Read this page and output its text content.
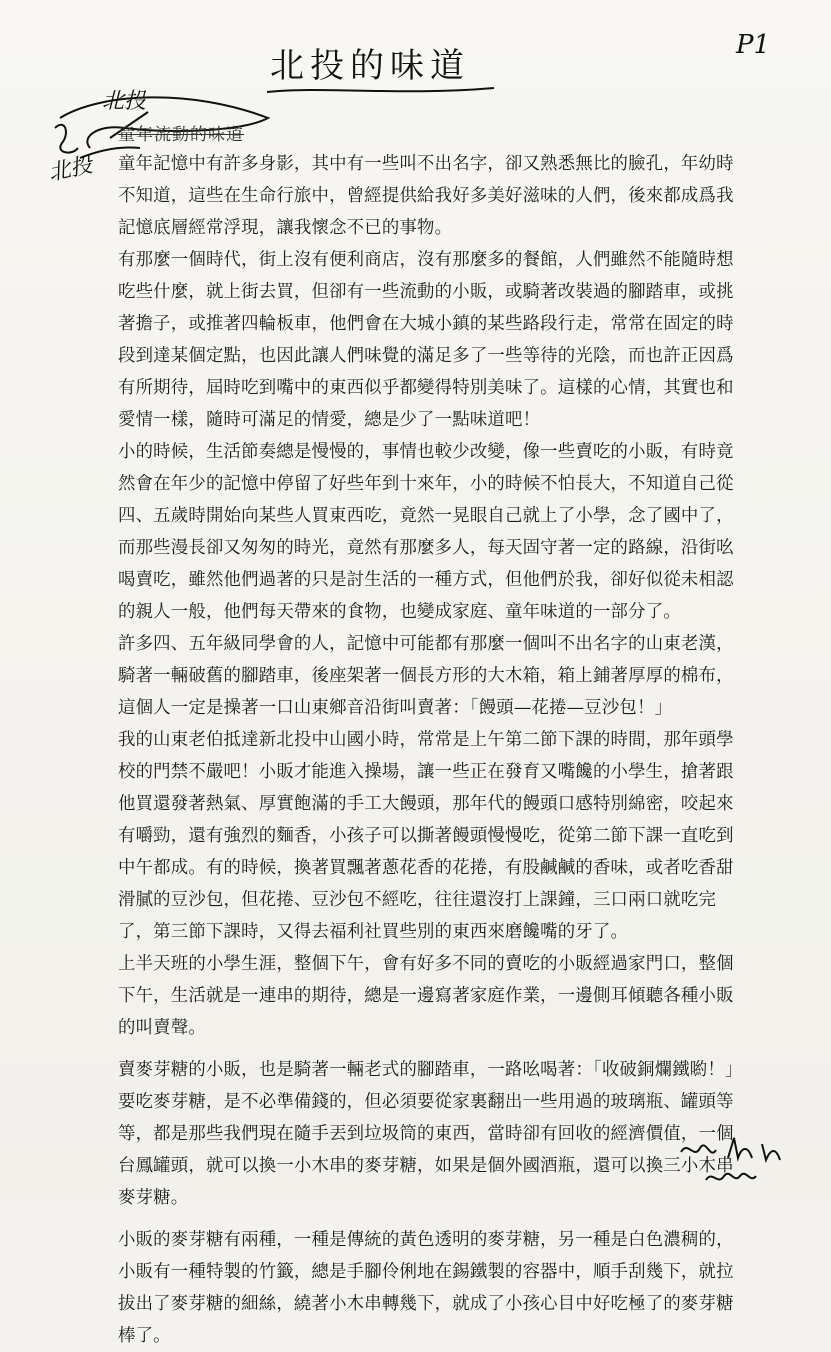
北投的味道
P1
北投
北投
童年流動的味道

童年記憶中有許多身影，其中有一些叫不出名字，卻又熟悉無比的臉孔，年幼時不知道，這些在生命行旅中，曾經提供給我好多美好滋味的人們，後來都成爲我記憶底層經常浮現，讓我懷念不已的事物。

有那麼一個時代，街上沒有便利商店，沒有那麼多的餐館，人們雖然不能隨時想吃些什麼，就上街去買，但卻有一些流動的小販，或騎著改裝過的腳踏車，或挑著擔子，或推著四輪板車，他們會在大城小鎮的某些路段行走，常常在固定的時段到達某個定點，也因此讓人們味覺的滿足多了一些等待的光陰，而也許正因爲有所期待，屆時吃到嘴中的東西似乎都變得特別美味了。這樣的心情，其實也和愛情一樣，隨時可滿足的情愛，總是少了一點味道吧！

小的時候，生活節奏總是慢慢的，事情也較少改變，像一些賣吃的小販，有時竟然會在年少的記憶中停留了好些年到十來年，小的時候不怕長大，不知道自己從四、五歲時開始向某些人買東西吃，竟然一晃眼自己就上了小學，念了國中了，而那些漫長卻又匆匆的時光，竟然有那麼多人，每天固守著一定的路線，沿街吆喝賣吃，雖然他們過著的只是討生活的一種方式，但他們於我，卻好似從未相認的親人一般，他們每天帶來的食物，也變成家庭、童年味道的一部分了。

許多四、五年級同學會的人，記憶中可能都有那麼一個叫不出名字的山東老漢，騎著一輛破舊的腳踏車，後座架著一個長方形的大木箱，箱上鋪著厚厚的棉布，這個人一定是操著一口山東鄉音沿街叫賣著：「饅頭—花捲—豆沙包！」

我的山東老伯抵達新北投中山國小時，常常是上午第二節下課的時間，那年頭學校的門禁不嚴吧！小販才能進入操場，讓一些正在發育又嘴饞的小學生，搶著跟他買還發著熱氣、厚實飽滿的手工大饅頭，那年代的饅頭口感特別綿密，咬起來有嚼勁，還有強烈的麵香，小孩子可以撕著饅頭慢慢吃，從第二節下課一直吃到中午都成。有的時候，換著買飄著蔥花香的花捲，有股鹹鹹的香味，或者吃香甜滑膩的豆沙包，但花捲、豆沙包不經吃，往往還沒打上課鐘，三口兩口就吃完了，第三節下課時，又得去福利社買些別的東西來磨饞嘴的牙了。

上半天班的小學生涯，整個下午，會有好多不同的賣吃的小販經過家門口，整個下午，生活就是一連串的期待，總是一邊寫著家庭作業，一邊側耳傾聽各種小販的叫賣聲。

賣麥芽糖的小販，也是騎著一輛老式的腳踏車，一路吆喝著：「收破銅爛鐵喲！」要吃麥芽糖，是不必準備錢的，但必須要從家裏翻出一些用過的玻璃瓶、罐頭等等，都是那些我們現在隨手丟到垃圾筒的東西，當時卻有回收的經濟價值，一個台鳳罐頭，就可以換一小木串的麥芽糖，如果是個外國酒瓶，還可以換三小木串麥芽糖。

小販的麥芽糖有兩種，一種是傳統的黃色透明的麥芽糖，另一種是白色濃稠的，小販有一種特製的竹籤，總是手腳伶俐地在錫鐵製的容器中，順手刮幾下，就拉拔出了麥芽糖的細絲，繞著小木串轉幾下，就成了小孩心目中好吃極了的麥芽糖棒了。
